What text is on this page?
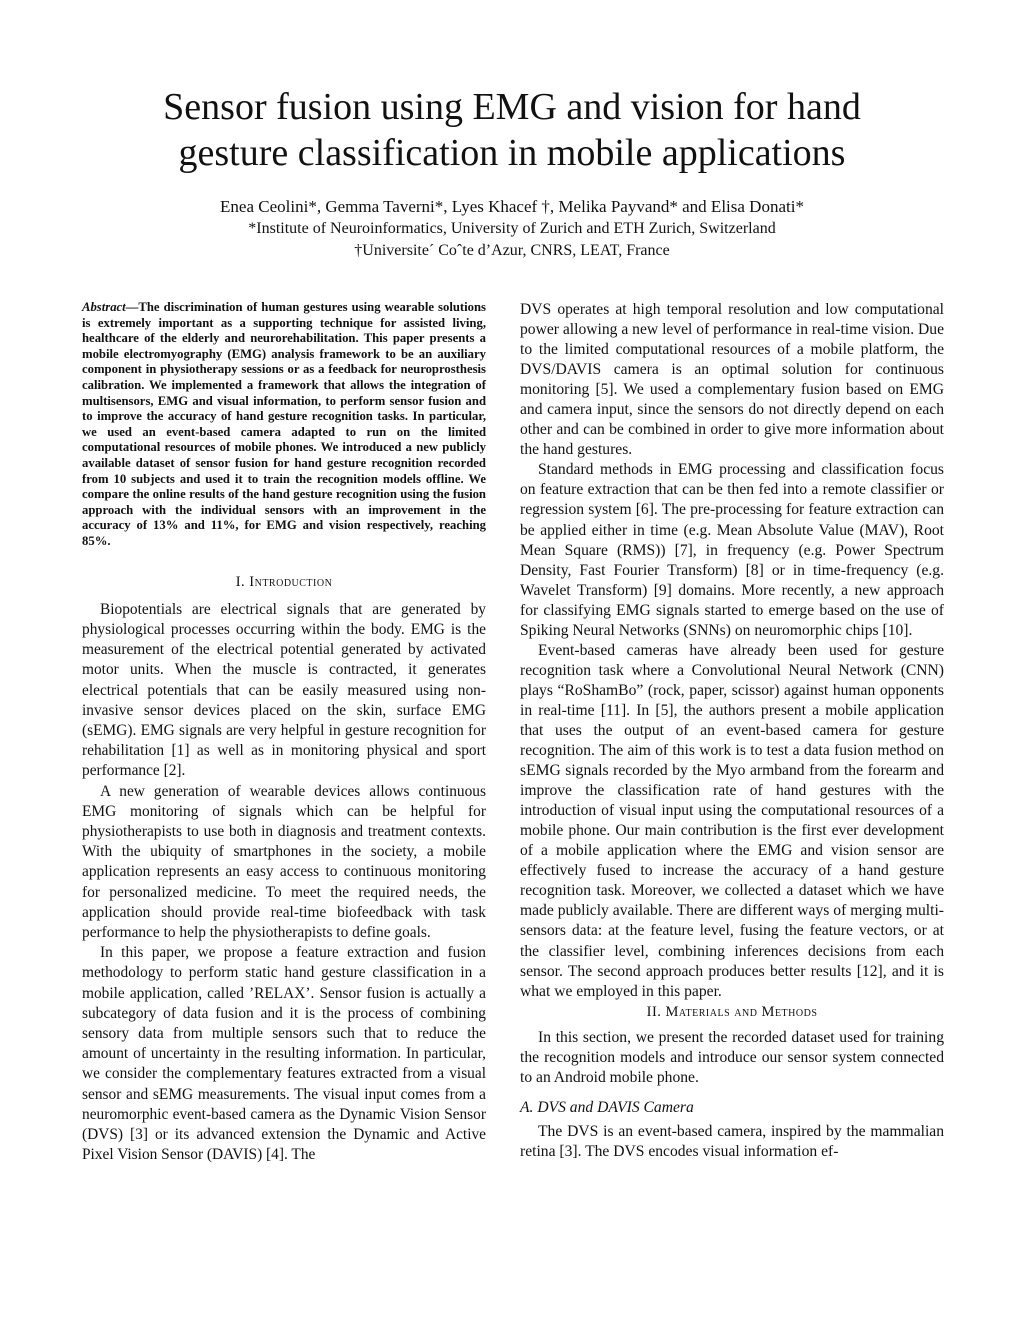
Sensor fusion using EMG and vision for hand
gesture classification in mobile applications
Enea Ceolini*, Gemma Taverni*, Lyes Khacef †, Melika Payvand* and Elisa Donati*
*Institute of Neuroinformatics, University of Zurich and ETH Zurich, Switzerland
†Universite´ Coˆte d’Azur, CNRS, LEAT, France
Abstract—The discrimination of human gestures using wearable solutions is extremely important as a supporting technique for assisted living, healthcare of the elderly and neurorehabilitation. This paper presents a mobile electromyography (EMG) analysis framework to be an auxiliary component in physiotherapy sessions or as a feedback for neuroprosthesis calibration. We implemented a framework that allows the integration of multisensors, EMG and visual information, to perform sensor fusion and to improve the accuracy of hand gesture recognition tasks. In particular, we used an event-based camera adapted to run on the limited computational resources of mobile phones. We introduced a new publicly available dataset of sensor fusion for hand gesture recognition recorded from 10 subjects and used it to train the recognition models offline. We compare the online results of the hand gesture recognition using the fusion approach with the individual sensors with an improvement in the accuracy of 13% and 11%, for EMG and vision respectively, reaching 85%.
I. Introduction

Biopotentials are electrical signals that are generated by physiological processes occurring within the body. EMG is the measurement of the electrical potential generated by activated motor units. When the muscle is contracted, it generates electrical potentials that can be easily measured using non-invasive sensor devices placed on the skin, surface EMG (sEMG). EMG signals are very helpful in gesture recognition for rehabilitation [1] as well as in monitoring physical and sport performance [2].

A new generation of wearable devices allows continuous EMG monitoring of signals which can be helpful for physiotherapists to use both in diagnosis and treatment contexts. With the ubiquity of smartphones in the society, a mobile application represents an easy access to continuous monitoring for personalized medicine. To meet the required needs, the application should provide real-time biofeedback with task performance to help the physiotherapists to define goals.

In this paper, we propose a feature extraction and fusion methodology to perform static hand gesture classification in a mobile application, called ’RELAX’. Sensor fusion is actually a subcategory of data fusion and it is the process of combining sensory data from multiple sensors such that to reduce the amount of uncertainty in the resulting information. In particular, we consider the complementary features extracted from a visual sensor and sEMG measurements. The visual input comes from a neuromorphic event-based camera as the Dynamic Vision Sensor (DVS) [3] or its advanced extension the Dynamic and Active Pixel Vision Sensor (DAVIS) [4]. The

DVS operates at high temporal resolution and low computational power allowing a new level of performance in real-time vision. Due to the limited computational resources of a mobile platform, the DVS/DAVIS camera is an optimal solution for continuous monitoring [5]. We used a complementary fusion based on EMG and camera input, since the sensors do not directly depend on each other and can be combined in order to give more information about the hand gestures.

Standard methods in EMG processing and classification focus on feature extraction that can be then fed into a remote classifier or regression system [6]. The pre-processing for feature extraction can be applied either in time (e.g. Mean Absolute Value (MAV), Root Mean Square (RMS)) [7], in frequency (e.g. Power Spectrum Density, Fast Fourier Transform) [8] or in time-frequency (e.g. Wavelet Transform) [9] domains. More recently, a new approach for classifying EMG signals started to emerge based on the use of Spiking Neural Networks (SNNs) on neuromorphic chips [10].

Event-based cameras have already been used for gesture recognition task where a Convolutional Neural Network (CNN) plays “RoShamBo” (rock, paper, scissor) against human opponents in real-time [11]. In [5], the authors present a mobile application that uses the output of an event-based camera for gesture recognition. The aim of this work is to test a data fusion method on sEMG signals recorded by the Myo armband from the forearm and improve the classification rate of hand gestures with the introduction of visual input using the computational resources of a mobile phone. Our main contribution is the first ever development of a mobile application where the EMG and vision sensor are effectively fused to increase the accuracy of a hand gesture recognition task. Moreover, we collected a dataset which we have made publicly available. There are different ways of merging multi-sensors data: at the feature level, fusing the feature vectors, or at the classifier level, combining inferences decisions from each sensor. The second approach produces better results [12], and it is what we employed in this paper.

II. Materials and Methods

In this section, we present the recorded dataset used for training the recognition models and introduce our sensor system connected to an Android mobile phone.

A. DVS and DAVIS Camera

The DVS is an event-based camera, inspired by the mammalian retina [3]. The DVS encodes visual information ef-
